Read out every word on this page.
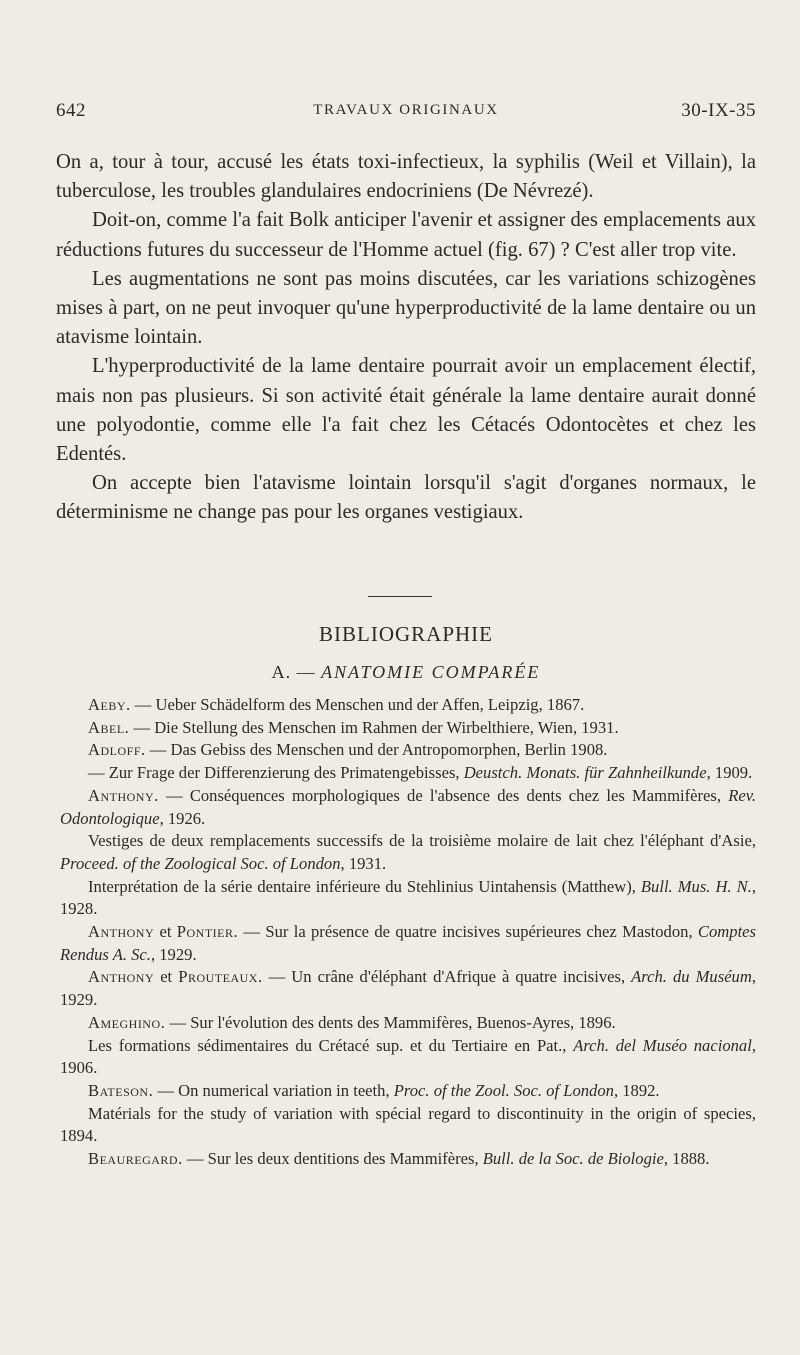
642	TRAVAUX ORIGINAUX	30-IX-35

On a, tour à tour, accusé les états toxi-infectieux, la syphilis (Weil et Villain), la tuberculose, les troubles glandulaires endocriniens (De Névrezé).

Doit-on, comme l'a fait Bolk anticiper l'avenir et assigner des emplacements aux réductions futures du successeur de l'Homme actuel (fig. 67) ? C'est aller trop vite.

Les augmentations ne sont pas moins discutées, car les variations schizogènes mises à part, on ne peut invoquer qu'une hyperproductivité de la lame dentaire ou un atavisme lointain.

L'hyperproductivité de la lame dentaire pourrait avoir un emplacement électif, mais non pas plusieurs. Si son activité était générale la lame dentaire aurait donné une polyodontie, comme elle l'a fait chez les Cétacés Odontocètes et chez les Edentés.

On accepte bien l'atavisme lointain lorsqu'il s'agit d'organes normaux, le déterminisme ne change pas pour les organes vestigiaux.

BIBLIOGRAPHIE
A. — ANATOMIE COMPARÉE

Aeby. — Ueber Schädelform des Menschen und der Affen, Leipzig, 1867.

Abel. — Die Stellung des Menschen im Rahmen der Wirbelthiere, Wien, 1931.

Adloff. — Das Gebiss des Menschen und der Antropomorphen, Berlin 1908.

— Zur Frage der Differenzierung des Primatengebisses, Deustch. Monats. für Zahnheilkunde, 1909.

Anthony. — Conséquences morphologiques de l'absence des dents chez les Mammifères, Rev. Odontologique, 1926.

Vestiges de deux remplacements successifs de la troisième molaire de lait chez l'éléphant d'Asie, Proceed. of the Zoological Soc. of London, 1931.

Interprétation de la série dentaire inférieure du Stehlinius Uintahensis (Matthew), Bull. Mus. H. N., 1928.

Anthony et Pontier. — Sur la présence de quatre incisives supérieures chez Mastodon, Comptes Rendus A. Sc., 1929.

Anthony et Prouteaux. — Un crâne d'éléphant d'Afrique à quatre incisives, Arch. du Muséum, 1929.

Ameghino. — Sur l'évolution des dents des Mammifères, Buenos-Ayres, 1896.

Les formations sédimentaires du Crétacé sup. et du Tertiaire en Pat., Arch. del Muséo nacional, 1906.

Bateson. — On numerical variation in teeth, Proc. of the Zool. Soc. of London, 1892.

Matérials for the study of variation with spécial regard to discontinuity in the origin of species, 1894.

Beauregard. — Sur les deux dentitions des Mammifères, Bull. de la Soc. de Biologie, 1888.
